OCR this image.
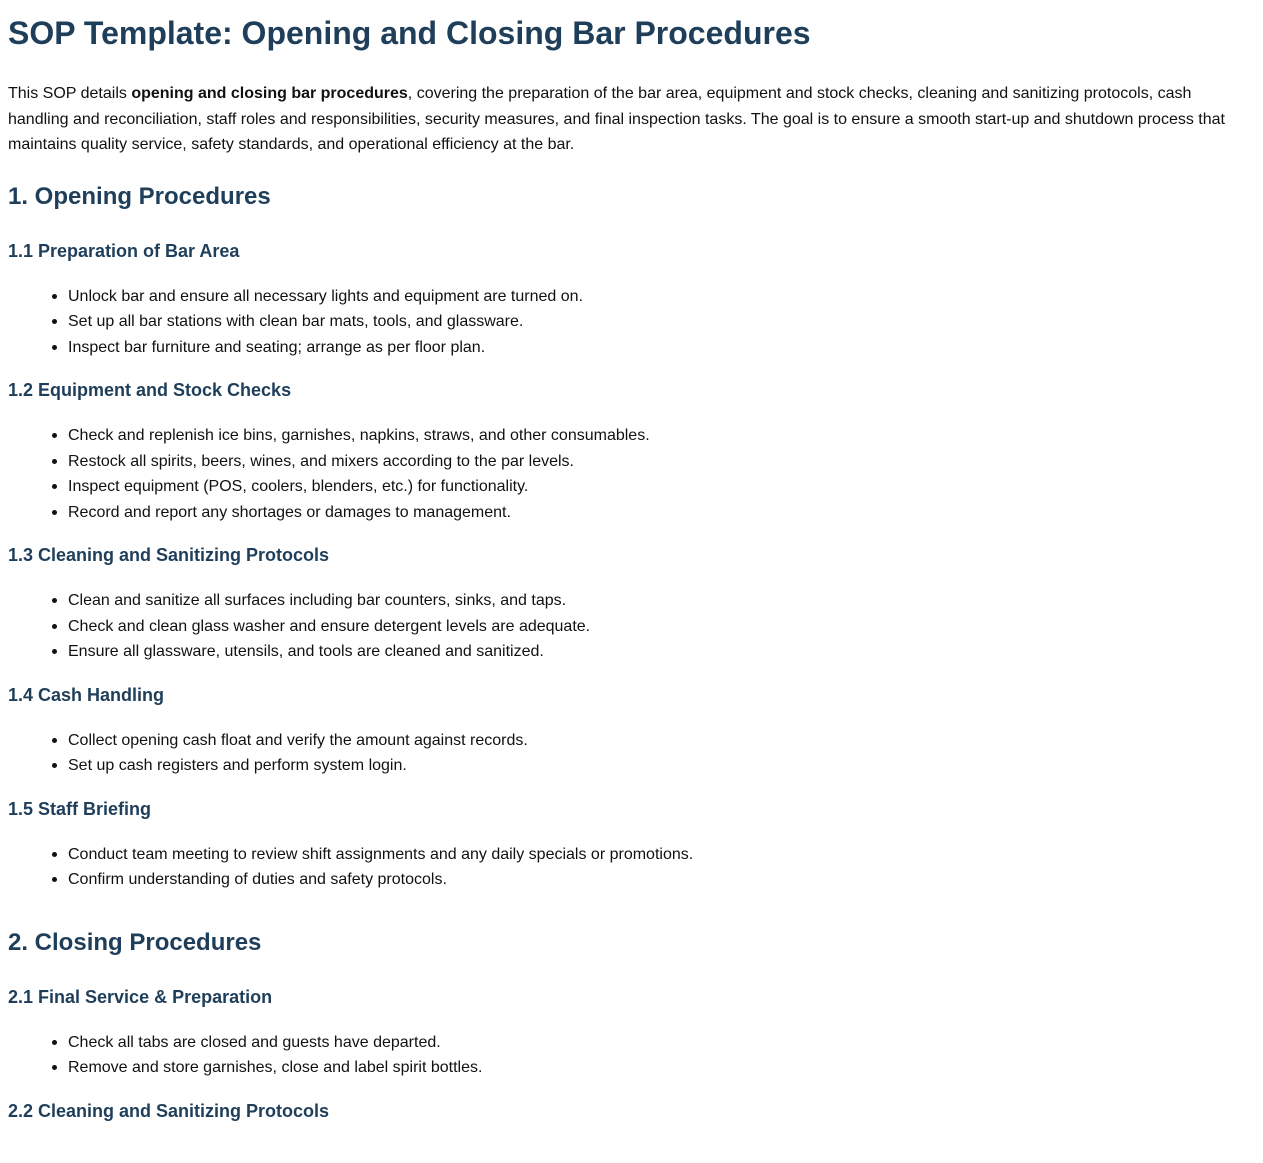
SOP Template: Opening and Closing Bar Procedures

This SOP details opening and closing bar procedures, covering the preparation of the bar area, equipment and stock checks, cleaning and sanitizing protocols, cash handling and reconciliation, staff roles and responsibilities, security measures, and final inspection tasks. The goal is to ensure a smooth start-up and shutdown process that maintains quality service, safety standards, and operational efficiency at the bar.

1. Opening Procedures
1.1 Preparation of Bar Area
Unlock bar and ensure all necessary lights and equipment are turned on.
Set up all bar stations with clean bar mats, tools, and glassware.
Inspect bar furniture and seating; arrange as per floor plan.
1.2 Equipment and Stock Checks
Check and replenish ice bins, garnishes, napkins, straws, and other consumables.
Restock all spirits, beers, wines, and mixers according to the par levels.
Inspect equipment (POS, coolers, blenders, etc.) for functionality.
Record and report any shortages or damages to management.
1.3 Cleaning and Sanitizing Protocols
Clean and sanitize all surfaces including bar counters, sinks, and taps.
Check and clean glass washer and ensure detergent levels are adequate.
Ensure all glassware, utensils, and tools are cleaned and sanitized.
1.4 Cash Handling
Collect opening cash float and verify the amount against records.
Set up cash registers and perform system login.
1.5 Staff Briefing
Conduct team meeting to review shift assignments and any daily specials or promotions.
Confirm understanding of duties and safety protocols.
2. Closing Procedures
2.1 Final Service & Preparation
Check all tabs are closed and guests have departed.
Remove and store garnishes, close and label spirit bottles.
2.2 Cleaning and Sanitizing Protocols
